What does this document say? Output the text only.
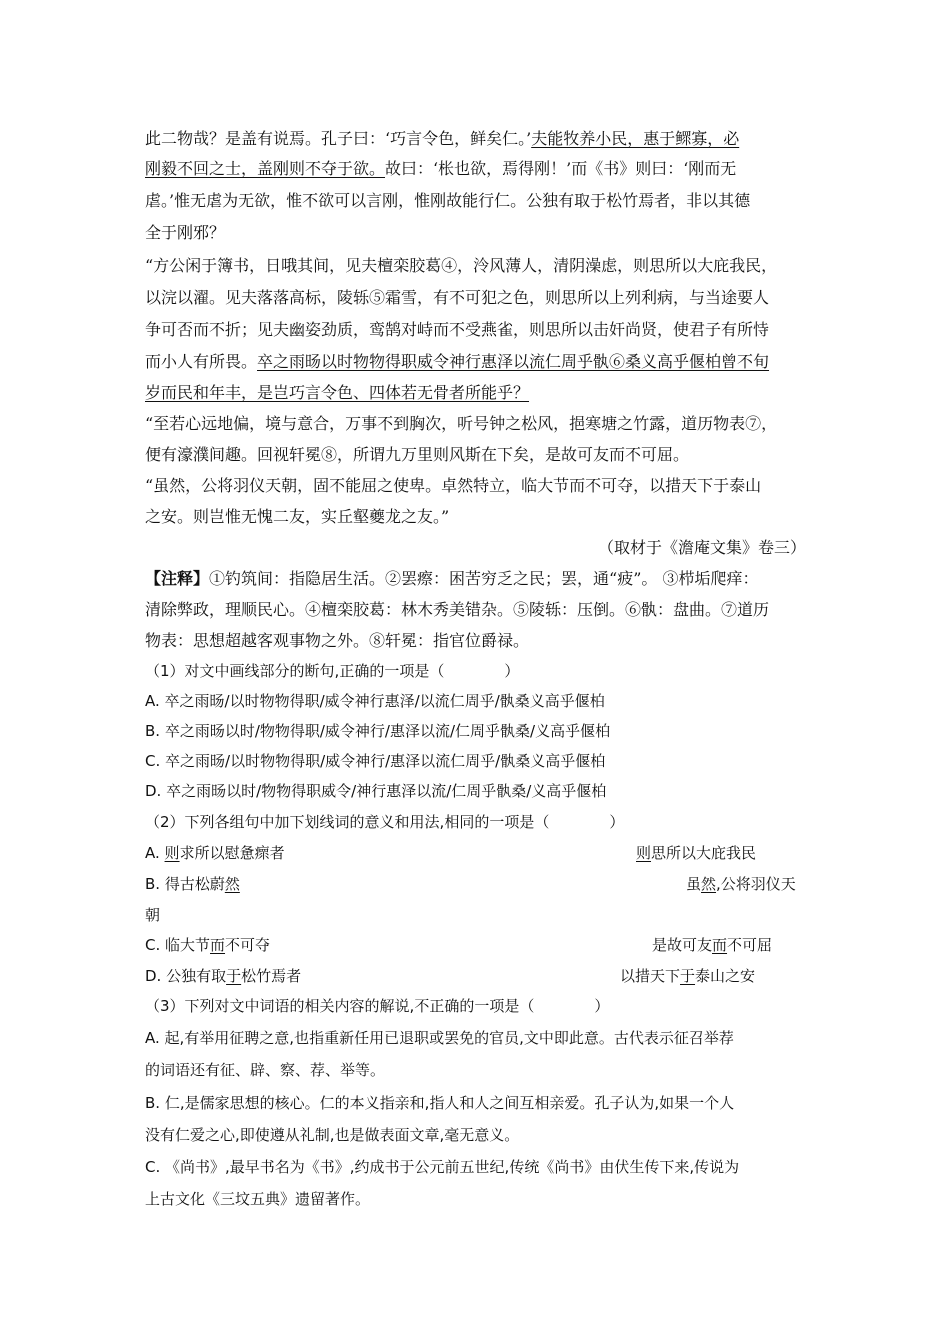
此二物哉？是盖有说焉。孔子曰：‘巧言令色，鲜矣仁。’夫能牧养小民，惠于鳏寡，必
刚毅不回之士，盖刚则不夺于欲。故曰：‘枨也欲，焉得刚！’而《书》则曰：‘刚而无
虐。’惟无虐为无欲，惟不欲可以言刚，惟刚故能行仁。公独有取于松竹焉者，非以其德
全于刚邪？
“方公闲于簿书，日哦其间，见夫檀栾胶葛④，泠风薄人，清阴澡虑，则思所以大庇我民，
以浣以濯。见夫落落高标，陵轹⑤霜雪，有不可犯之色，则思所以上列利病，与当途要人
争可否而不折；见夫幽姿劲质，鸾鹄对峙而不受燕雀，则思所以击奸尚贤，使君子有所恃
而小人有所畏。卒之雨旸以时物物得职威令神行惠泽以流仁周乎骫⑥桑义高乎偃柏曾不旬
岁而民和年丰，是岂巧言令色、四体若无骨者所能乎？
“至若心远地偏，境与意合，万事不到胸次，听号钟之松风，挹寒塘之竹露，道历物表⑦，
便有濠濮间趣。回视轩冕⑧，所谓九万里则风斯在下矣，是故可友而不可屈。
“虽然，公将羽仪天朝，固不能屈之使卑。卓然特立，临大节而不可夺，以措天下于泰山
之安。则岂惟无愧二友，实丘壑夔龙之友。”
（取材于《澹庵文集》卷三）
【注释】①钓筑间：指隐居生活。②罢瘵：困苦穷乏之民；罢，通“疲”。 ③栉垢爬痒：
清除弊政，理顺民心。④檀栾胶葛：林木秀美错杂。⑤陵轹：压倒。⑥骫：盘曲。⑦道历
物表：思想超越客观事物之外。⑧轩冕：指官位爵禄。
（1）对文中画线部分的断句,正确的一项是（　　　　）
A. 卒之雨旸/以时物物得职/威令神行惠泽/以流仁周乎/骫桑义高乎偃柏
B. 卒之雨旸以时/物物得职/威令神行/惠泽以流/仁周乎骫桑/义高乎偃柏
C. 卒之雨旸/以时物物得职/威令神行/惠泽以流仁周乎/骫桑义高乎偃柏
D. 卒之雨旸以时/物物得职威令/神行惠泽以流/仁周乎骫桑/义高乎偃柏
（2）下列各组句中加下划线词的意义和用法,相同的一项是（　　　　）
A. 则求所以慰惫瘝者	则思所以大庇我民
B. 得古松蔚然	虽然,公将羽仪天
朝
C. 临大节而不可夺	是故可友而不可屈
D. 公独有取于松竹焉者	以措天下于泰山之安
（3）下列对文中词语的相关内容的解说,不正确的一项是（　　　　）
A. 起,有举用征聘之意,也指重新任用已退职或罢免的官员,文中即此意。古代表示征召举荐
的词语还有征、辟、察、荐、举等。
B. 仁,是儒家思想的核心。仁的本义指亲和,指人和人之间互相亲爱。孔子认为,如果一个人
没有仁爱之心,即使遵从礼制,也是做表面文章,毫无意义。
C. 《尚书》,最早书名为《书》,约成书于公元前五世纪,传统《尚书》由伏生传下来,传说为
上古文化《三坟五典》遗留著作。
